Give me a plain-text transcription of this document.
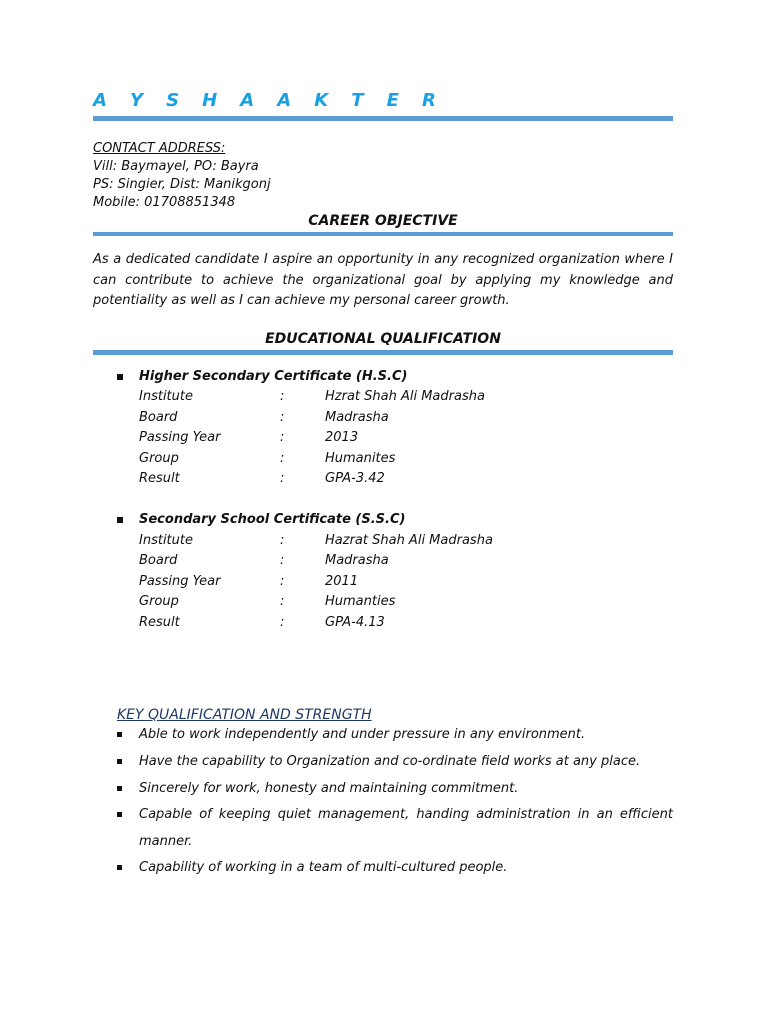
A Y S H A A K T E R

CONTACT ADDRESS:

Vill: Baymayel, PO: Bayra

PS: Singier, Dist: Manikgonj

Mobile: 01708851348

CAREER OBJECTIVE

As a dedicated candidate I aspire an opportunity in any recognized organization where I can contribute to achieve the organizational goal by applying my knowledge and potentiality as well as I can achieve my personal career growth.

EDUCATIONAL QUALIFICATION

Higher Secondary Certificate (H.S.C)

Institute	:	Hzrat Shah Ali Madrasha

Board	:	Madrasha

Passing Year	:	2013

Group	:	Humanites

Result	:	GPA-3.42

Secondary School Certificate (S.S.C)

Institute	:	Hazrat Shah Ali Madrasha

Board	:	Madrasha

Passing Year	:	2011

Group	:	Humanties

Result	:	GPA-4.13

KEY QUALIFICATION AND STRENGTH

Able to work independently and under pressure in any environment.

Have the capability to Organization and co-ordinate field works at any place.

Sincerely for work, honesty and maintaining commitment.

Capable of keeping quiet management, handing administration in an efficient manner.

Capability of working in a team of multi-cultured people.
